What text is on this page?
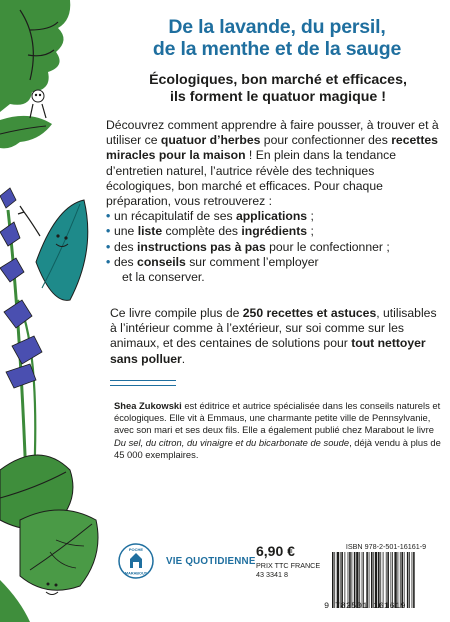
De la lavande, du persil,
de la menthe et de la sauge
Écologiques, bon marché et efficaces,
ils forment le quatuor magique !

Découvrez comment apprendre à faire pousser, à trouver et à utiliser ce quatuor d’herbes pour confectionner des recettes miracles pour la maison ! En plein dans la tendance d’entretien naturel, l’autrice révèle des techniques écologiques, bon marché et efficaces. Pour chaque préparation, vous retrouverez :

• un récapitulatif de ses applications ;
• une liste complète des ingrédients ;
• des instructions pas à pas pour le confectionner ;
• des conseils sur comment l’employer
et la conserver.
Ce livre compile plus de 250 recettes et astuces, utilisables à l’intérieur comme à l’extérieur, sur soi comme sur les animaux, et des centaines de solutions pour tout nettoyer sans polluer.
Shea Zukowski est éditrice et autrice spécialisée dans les conseils naturels et écologiques. Elle vit à Emmaus, une charmante petite ville de Pennsylvanie, avec son mari et ses deux fils. Elle a également publié chez Marabout le livre Du sel, du citron, du vinaigre et du bicarbonate de soude, déjà vendu à plus de 45 000 exemplaires.
POCHE
MARABOUT
VIE QUOTIDIENNE
6,90 €
PRIX TTC FRANCE
43 3341 8
ISBN 978-2-501-16161-9
9 782501 161619
